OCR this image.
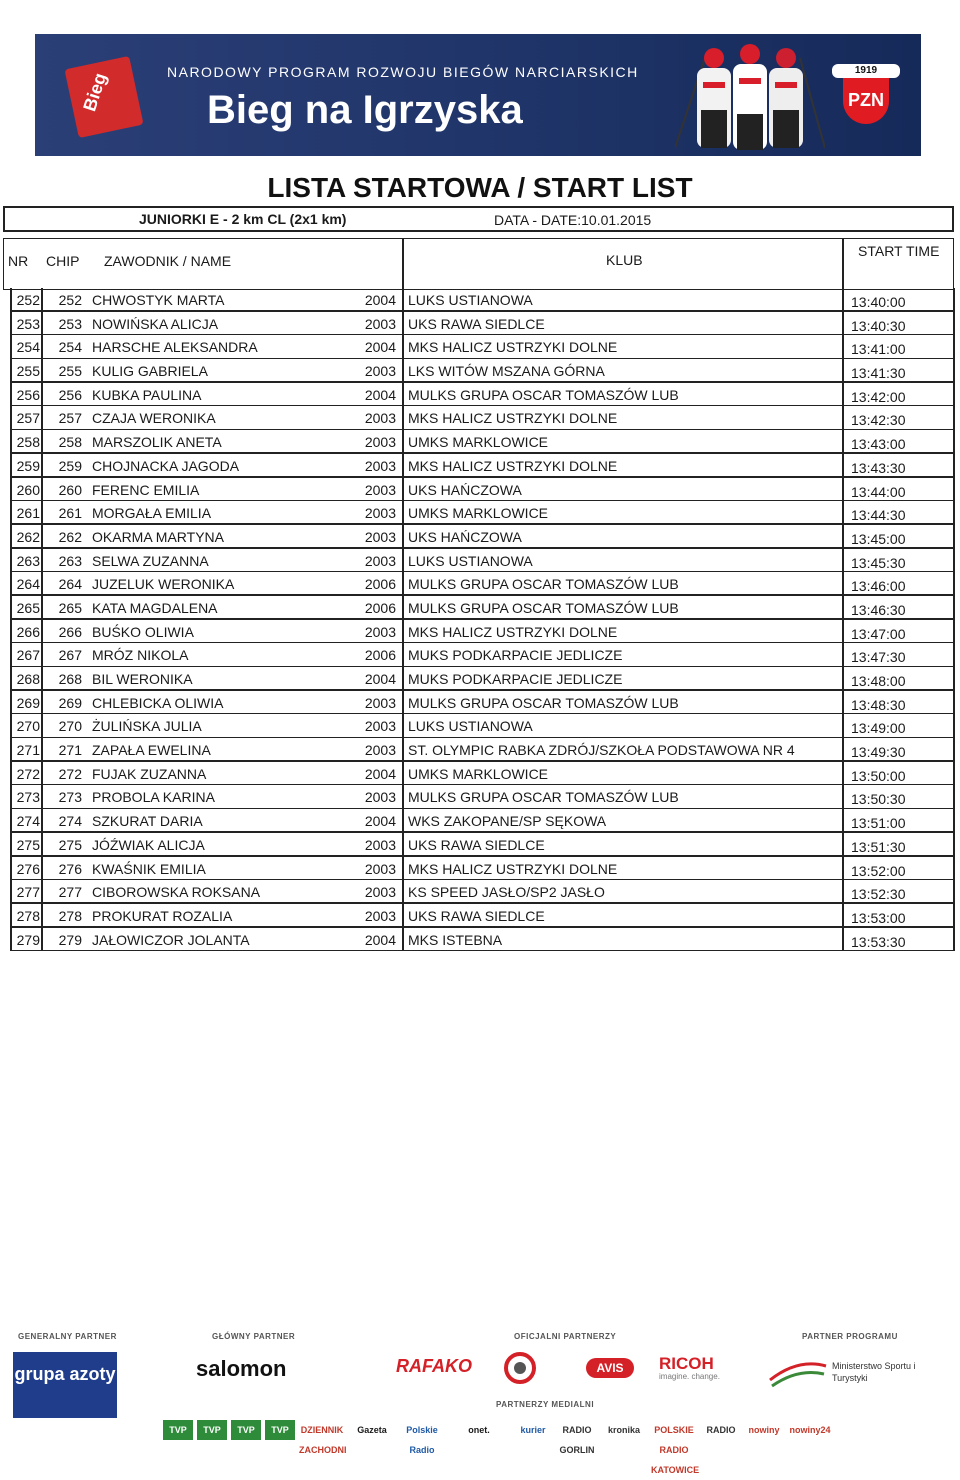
Bieg	NARODOWY PROGRAM ROZWOJU BIEGÓW NARCIARSKICH
Bieg na Igrzyska
1919
PZN
LISTA STARTOWA / START LIST
JUNIORKI E - 2 km CL (2x1 km)	DATA - DATE:10.01.2015
NR CHIP ZAWODNIK / NAME	KLUB
START TIME
252	252 CHWOSTYK MARTA	2004 LUKS USTIANOWA	13:40:00
253	253 NOWIŃSKA ALICJA	2003 UKS RAWA SIEDLCE	13:40:30
254	254 HARSCHE ALEKSANDRA	2004 MKS HALICZ USTRZYKI DOLNE	13:41:00
255	255 KULIG GABRIELA	2003 LKS WITÓW MSZANA GÓRNA	13:41:30
256	256 KUBKA PAULINA	2004 MULKS GRUPA OSCAR TOMASZÓW LUB	13:42:00
257	257 CZAJA WERONIKA	2003 MKS HALICZ USTRZYKI DOLNE	13:42:30
258	258 MARSZOLIK ANETA	2003 UMKS MARKLOWICE	13:43:00
259	259 CHOJNACKA JAGODA	2003 MKS HALICZ USTRZYKI DOLNE	13:43:30
260	260 FERENC EMILIA	2003 UKS HAŃCZOWA	13:44:00
261	261 MORGAŁA EMILIA	2003 UMKS MARKLOWICE	13:44:30
262	262 OKARMA MARTYNA	2003 UKS HAŃCZOWA	13:45:00
263	263 SELWA ZUZANNA	2003 LUKS USTIANOWA	13:45:30
264	264 JUZELUK WERONIKA	2006 MULKS GRUPA OSCAR TOMASZÓW LUB	13:46:00
265	265 KATA MAGDALENA	2006 MULKS GRUPA OSCAR TOMASZÓW LUB	13:46:30
266	266 BUŚKO OLIWIA	2003 MKS HALICZ USTRZYKI DOLNE	13:47:00
267	267 MRÓZ NIKOLA	2006 MUKS PODKARPACIE JEDLICZE	13:47:30
268	268 BIL WERONIKA	2004 MUKS PODKARPACIE JEDLICZE	13:48:00
269	269 CHLEBICKA OLIWIA	2003 MULKS GRUPA OSCAR TOMASZÓW LUB	13:48:30
270	270 ŻULIŃSKA JULIA	2003 LUKS USTIANOWA	13:49:00
271	271 ZAPAŁA EWELINA	2003 ST. OLYMPIC RABKA ZDRÓJ/SZKOŁA PODSTAWOWA NR 4	13:49:30
272	272 FUJAK ZUZANNA	2004 UMKS MARKLOWICE	13:50:00
273	273 PROBOLA KARINA	2003 MULKS GRUPA OSCAR TOMASZÓW LUB	13:50:30
274	274 SZKURAT DARIA	2004 WKS ZAKOPANE/SP SĘKOWA	13:51:00
275	275 JÓŹWIAK ALICJA	2003 UKS RAWA SIEDLCE	13:51:30
276	276 KWAŚNIK EMILIA	2003 MKS HALICZ USTRZYKI DOLNE	13:52:00
277	277 CIBOROWSKA ROKSANA	2003 KS SPEED JASŁO/SP2 JASŁO	13:52:30
278	278 PROKURAT ROZALIA	2003 UKS RAWA SIEDLCE	13:53:00
279	279 JAŁOWICZOR JOLANTA	2004 MKS ISTEBNA	13:53:30
GENERALNY PARTNER	GŁÓWNY PARTNER	OFICJALNI PARTNERZY	PARTNER PROGRAMU
grupa azoty	salomon	RAFAKO	AVIS	RICOH
imagine. change.
Ministerstwo Sportu i Turystyki
PARTNERZY MEDIALNI
TVP	TVP	TVP	TVP	DZIENNIK ZACHODNI
Gazeta	Polskie Radio
onet.	kurier	RADIO GORLIN
kronika	POLSKIE RADIO KATOWICE
RADIO	nowiny	nowiny24
